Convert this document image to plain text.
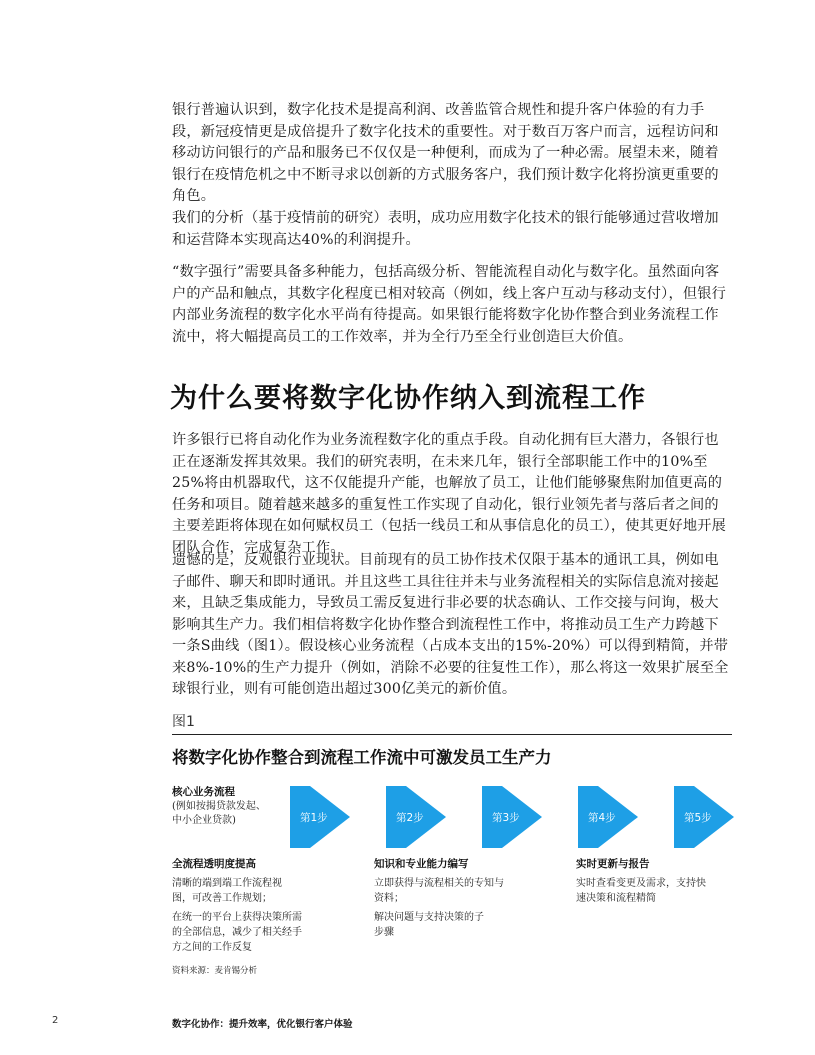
银行普遍认识到，数字化技术是提高利润、改善监管合规性和提升客户体验的有力手段，新冠疫情更是成倍提升了数字化技术的重要性。对于数百万客户而言，远程访问和移动访问银行的产品和服务已不仅仅是一种便利，而成为了一种必需。展望未来，随着银行在疫情危机之中不断寻求以创新的方式服务客户，我们预计数字化将扮演更重要的角色。

我们的分析（基于疫情前的研究）表明，成功应用数字化技术的银行能够通过营收增加和运营降本实现高达40%的利润提升。

“数字强行”需要具备多种能力，包括高级分析、智能流程自动化与数字化。虽然面向客户的产品和触点，其数字化程度已相对较高（例如，线上客户互动与移动支付），但银行内部业务流程的数字化水平尚有待提高。如果银行能将数字化协作整合到业务流程工作流中，将大幅提高员工的工作效率，并为全行乃至全行业创造巨大价值。

为什么要将数字化协作纳入到流程工作

许多银行已将自动化作为业务流程数字化的重点手段。自动化拥有巨大潜力，各银行也正在逐渐发挥其效果。我们的研究表明，在未来几年，银行全部职能工作中的10%至25%将由机器取代，这不仅能提升产能，也解放了员工，让他们能够聚焦附加值更高的任务和项目。随着越来越多的重复性工作实现了自动化，银行业领先者与落后者之间的主要差距将体现在如何赋权员工（包括一线员工和从事信息化的员工），使其更好地开展团队合作，完成复杂工作。

遗憾的是，反观银行业现状。目前现有的员工协作技术仅限于基本的通讯工具，例如电子邮件、聊天和即时通讯。并且这些工具往往并未与业务流程相关的实际信息流对接起来，且缺乏集成能力，导致员工需反复进行非必要的状态确认、工作交接与问询，极大影响其生产力。我们相信将数字化协作整合到流程性工作中，将推动员工生产力跨越下一条S曲线（图1）。假设核心业务流程（占成本支出的15%-20%）可以得到精简，并带来8%-10%的生产力提升（例如，消除不必要的往复性工作），那么将这一效果扩展至全球银行业，则有可能创造出超过300亿美元的新价值。

图1
将数字化协作整合到流程工作流中可激发员工生产力
核心业务流程
(例如按揭贷款发起、
中小企业贷款)	第1步	第2步	第3步	第4步	第5步
全流程透明度提高
清晰的端到端工作流程视
图，可改善工作规划；
在统一的平台上获得决策所需
的全部信息，减少了相关经手
方之间的工作反复
知识和专业能力编写
立即获得与流程相关的专知与
资料；
解决问题与支持决策的子
步骤
实时更新与报告
实时查看变更及需求，支持快
速决策和流程精简
资料来源：麦肯锡分析
2	数字化协作：提升效率，优化银行客户体验
